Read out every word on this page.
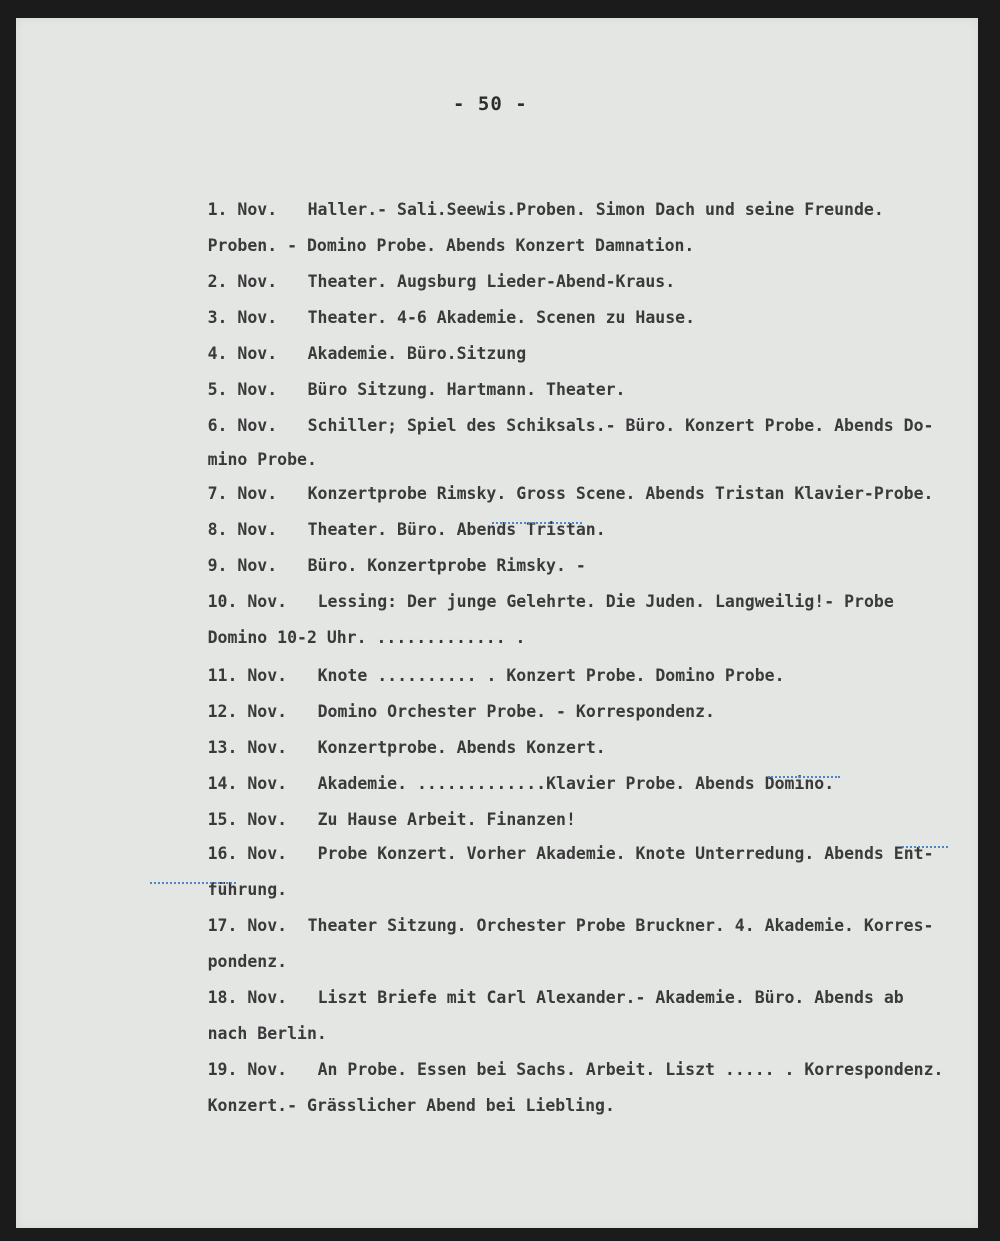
- 50 -

1. Nov. Haller.- Sali.Seewis.Proben. Simon Dach und seine Freunde.

Proben. - Domino Probe. Abends Konzert Damnation.

2. Nov. Theater. Augsburg Lieder-Abend-Kraus.

3. Nov. Theater. 4-6 Akademie. Scenen zu Hause.

4. Nov. Akademie. Büro.Sitzung

5. Nov. Büro Sitzung. Hartmann. Theater.

6. Nov. Schiller; Spiel des Schiksals.- Büro. Konzert Probe. Abends Do-

mino Probe.

7. Nov. Konzertprobe Rimsky. Gross Scene. Abends Tristan Klavier-Probe.

8. Nov. Theater. Büro. Abends Tristan.

9. Nov. Büro. Konzertprobe Rimsky. -

10. Nov. Lessing: Der junge Gelehrte. Die Juden. Langweilig!- Probe

Domino 10-2 Uhr. ............. .

11. Nov. Knote .......... . Konzert Probe. Domino Probe.

12. Nov. Domino Orchester Probe. - Korrespondenz.

13. Nov. Konzertprobe. Abends Konzert.

14. Nov. Akademie. .............Klavier Probe. Abends Domino.

15. Nov. Zu Hause Arbeit. Finanzen!

16. Nov. Probe Konzert. Vorher Akademie. Knote Unterredung. Abends Ent-

führung.

17. Nov. Theater Sitzung. Orchester Probe Bruckner. 4. Akademie. Korres-

pondenz.

18. Nov. Liszt Briefe mit Carl Alexander.- Akademie. Büro. Abends ab

nach Berlin.

19. Nov. An Probe. Essen bei Sachs. Arbeit. Liszt ..... . Korrespondenz.

Konzert.- Grässlicher Abend bei Liebling.
